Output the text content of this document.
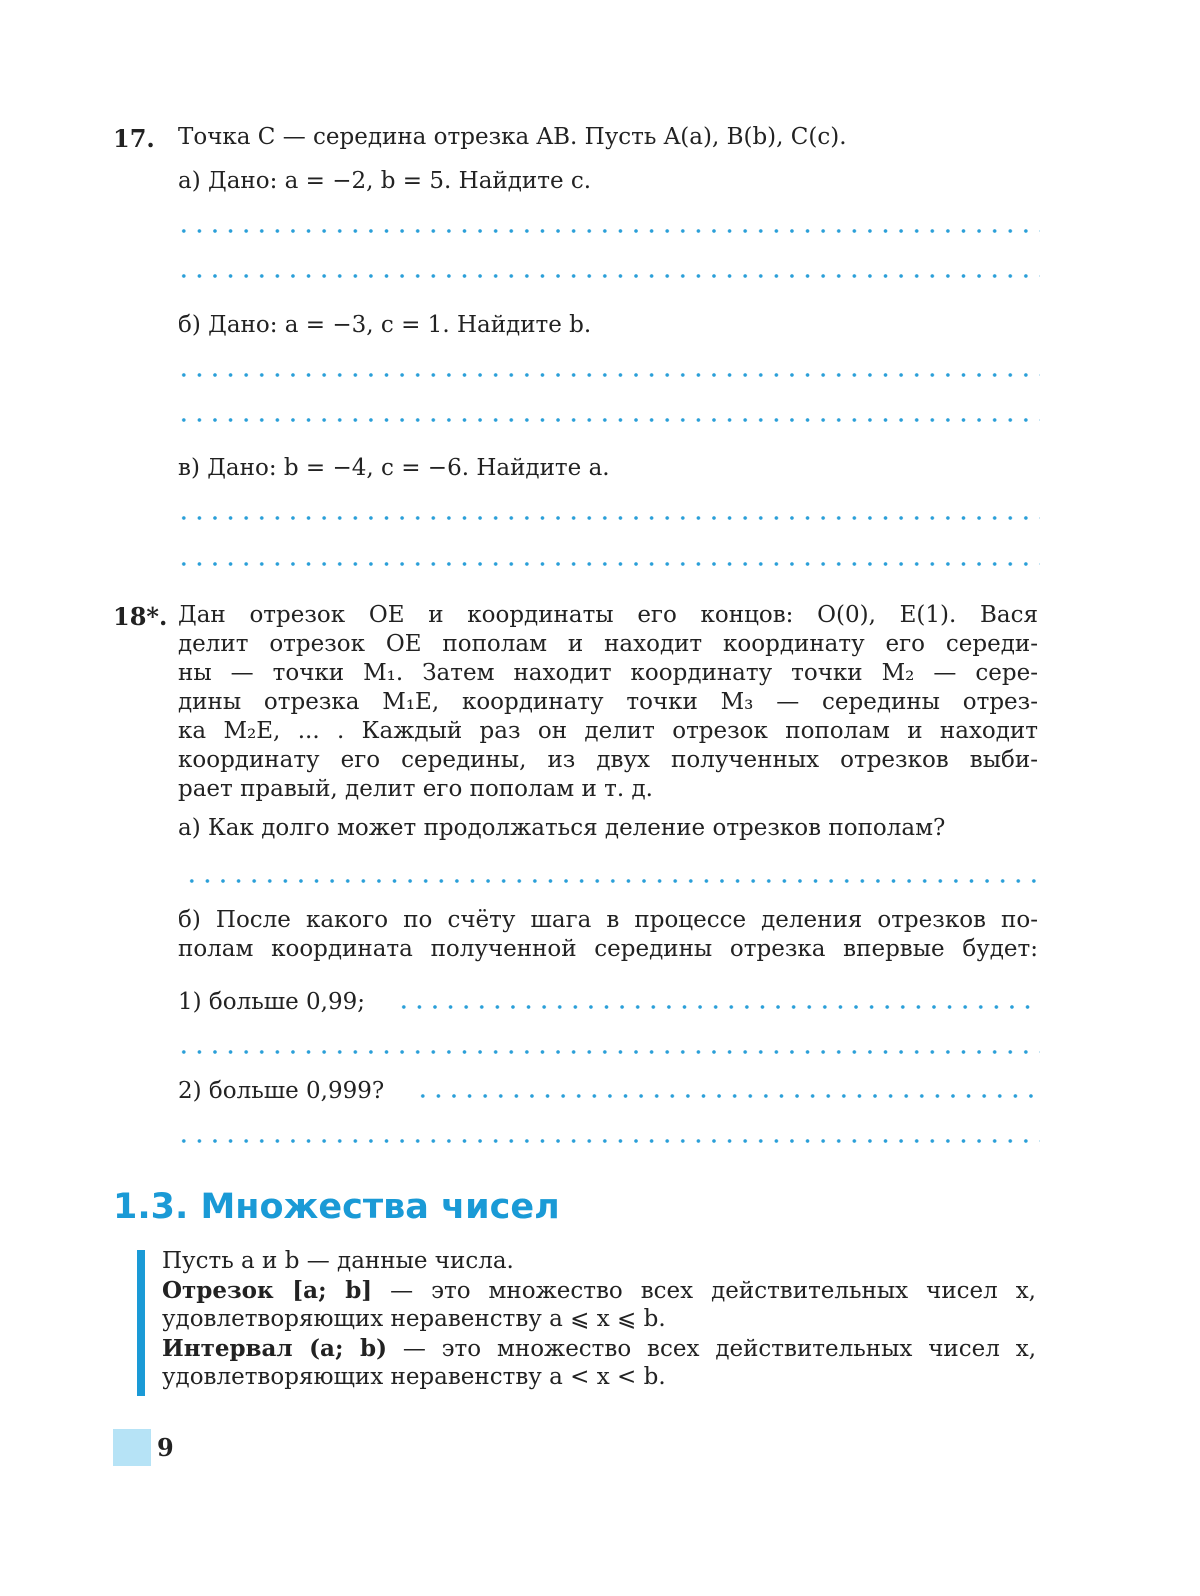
17. Точка C — середина отрезка AB. Пусть A(a), B(b), C(c).
а) Дано: a = −2, b = 5. Найдите c.
б) Дано: a = −3, c = 1. Найдите b.
в) Дано: b = −4, c = −6. Найдите a.
18*. Дан отрезок OE и координаты его концов: O(0), E(1). Вася
делит отрезок OE пополам и находит координату его середи-
ны — точки M₁. Затем находит координату точки M₂ — сере-
дины отрезка M₁E, координату точки M₃ — середины отрез-
ка M₂E, ... . Каждый раз он делит отрезок пополам и находит
координату его середины, из двух полученных отрезков выби-
рает правый, делит его пополам и т. д.
а) Как долго может продолжаться деление отрезков пополам?
б) После какого по счёту шага в процессе деления отрезков по-
полам координата полученной середины отрезка впервые будет:
1) больше 0,99;
2) больше 0,999?
1.3. Множества чисел
Пусть a и b — данные числа.
Отрезок [a; b] — это множество всех действительных чисел x,
удовлетворяющих неравенству a ⩽ x ⩽ b.
Интервал (a; b) — это множество всех действительных чисел x,
удовлетворяющих неравенству a < x < b.
9
